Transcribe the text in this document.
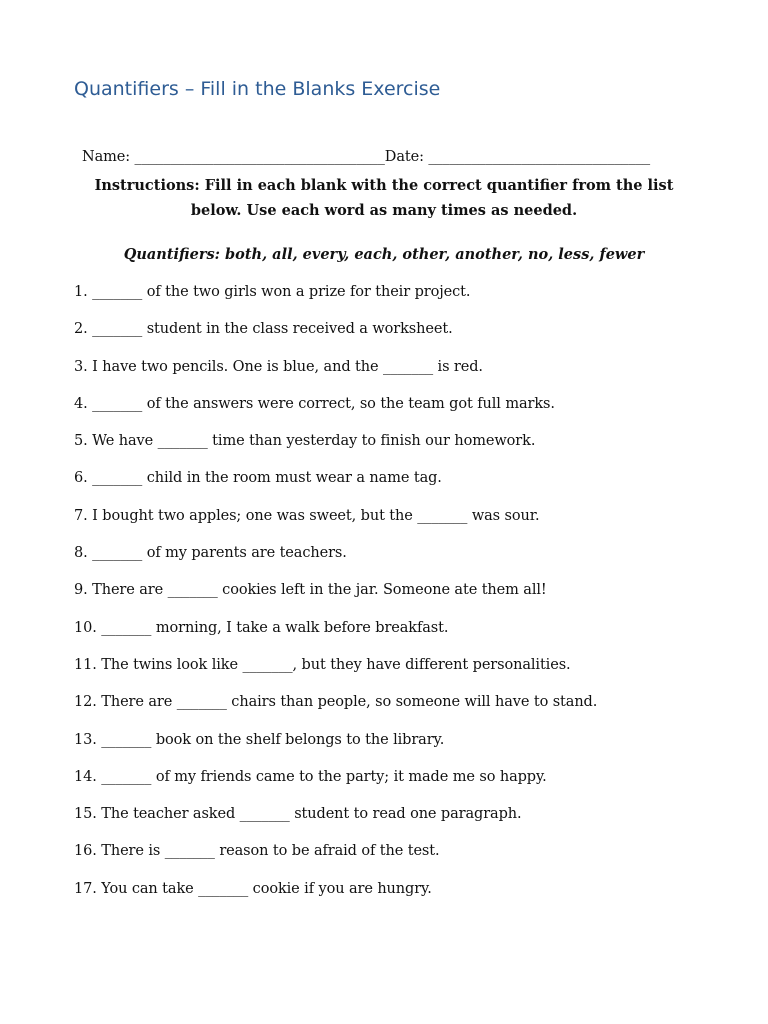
Quantifiers – Fill in the Blanks Exercise
Name: ___________________________________Date: _______________________________
Instructions: Fill in each blank with the correct quantifier from the list below. Use each word as many times as needed.
Quantifiers: both, all, every, each, other, another, no, less, fewer
1. _______ of the two girls won a prize for their project.
2. _______ student in the class received a worksheet.
3. I have two pencils. One is blue, and the _______ is red.
4. _______ of the answers were correct, so the team got full marks.
5. We have _______ time than yesterday to finish our homework.
6. _______ child in the room must wear a name tag.
7. I bought two apples; one was sweet, but the _______ was sour.
8. _______ of my parents are teachers.
9. There are _______ cookies left in the jar. Someone ate them all!
10. _______ morning, I take a walk before breakfast.
11. The twins look like _______, but they have different personalities.
12. There are _______ chairs than people, so someone will have to stand.
13. _______ book on the shelf belongs to the library.
14. _______ of my friends came to the party; it made me so happy.
15. The teacher asked _______ student to read one paragraph.
16. There is _______ reason to be afraid of the test.
17. You can take _______ cookie if you are hungry.
